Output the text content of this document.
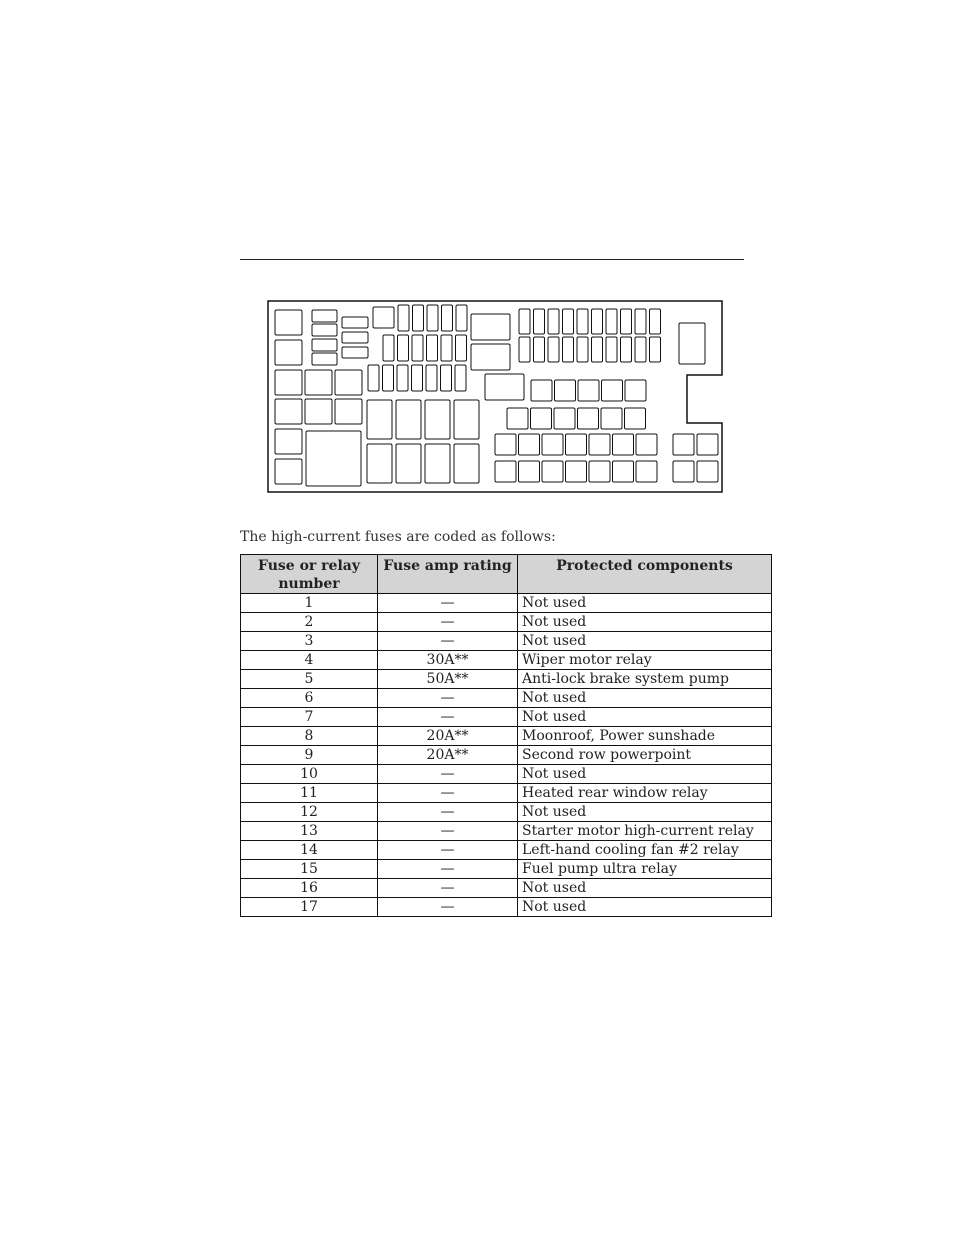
The high-current fuses are coded as follows:
Fuse or relay number	Fuse amp rating	Protected components
1	—	Not used
2	—	Not used
3	—	Not used
4	30A**	Wiper motor relay
5	50A**	Anti-lock brake system pump
6	—	Not used
7	—	Not used
8	20A**	Moonroof, Power sunshade
9	20A**	Second row powerpoint
10	—	Not used
11	—	Heated rear window relay
12	—	Not used
13	—	Starter motor high-current relay
14	—	Left-hand cooling fan #2 relay
15	—	Fuel pump ultra relay
16	—	Not used
17	—	Not used
